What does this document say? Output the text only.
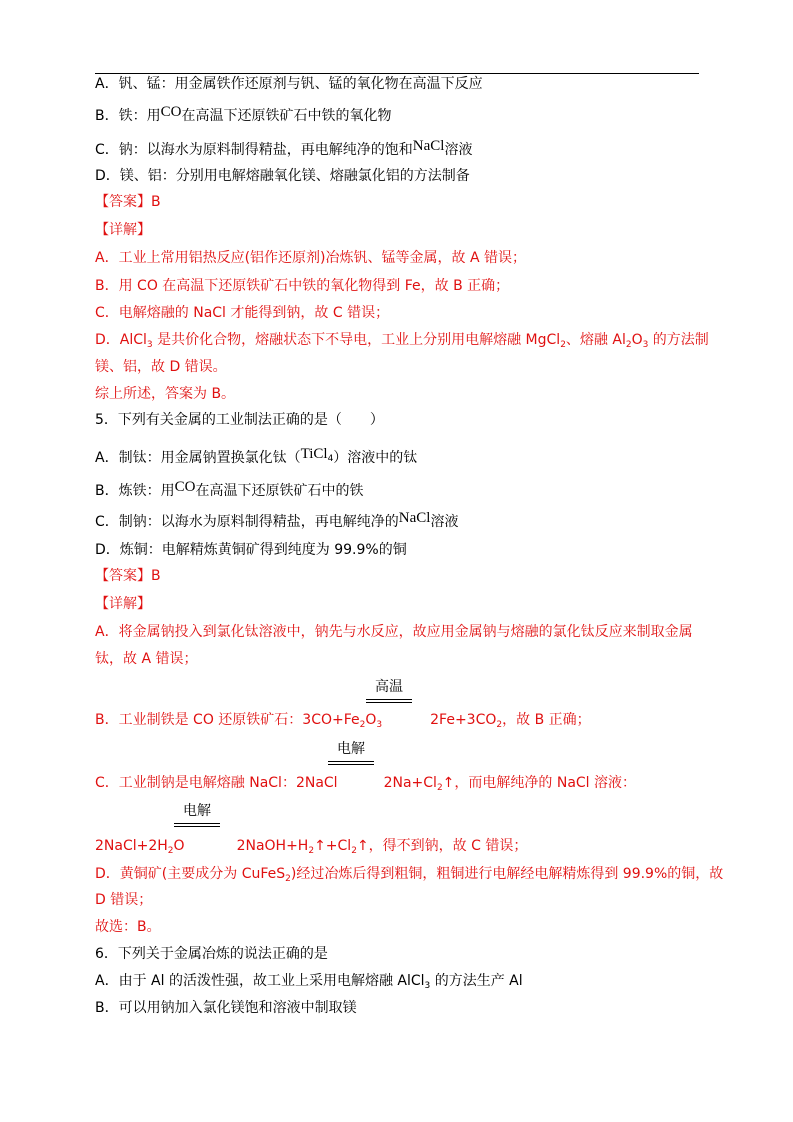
A．钒、锰：用金属铁作还原剂与钒、锰的氧化物在高温下反应
B．铁：用CO在高温下还原铁矿石中铁的氧化物
C．钠：以海水为原料制得精盐，再电解纯净的饱和NaCl溶液
D．镁、铝：分别用电解熔融氧化镁、熔融氯化铝的方法制备
【答案】B
【详解】
A．工业上常用铝热反应(铝作还原剂)冶炼钒、锰等金属，故 A 错误；
B．用 CO 在高温下还原铁矿石中铁的氧化物得到 Fe，故 B 正确；
C．电解熔融的 NaCl 才能得到钠，故 C 错误；
D．AlCl$_3$ 是共价化合物，熔融状态下不导电，工业上分别用电解熔融 MgCl$_2$、熔融 $Al_2O_3$ 的方法制
镁、铝，故 D 错误。
综上所述，答案为 B。
5．下列有关金属的工业制法正确的是（　　）
A．制钛：用金属钠置换氯化钛（TiCl4）溶液中的钛
B．炼铁：用CO在高温下还原铁矿石中的铁
C．制钠：以海水为原料制得精盐，再电解纯净的NaCl溶液
D．炼铜：电解精炼黄铜矿得到纯度为 99.9%的铜
【答案】B
【详解】
A．将金属钠投入到氯化钛溶液中，钠先与水反应，故应用金属钠与熔融的氯化钛反应来制取金属
钛，故 A 错误；
高温
B．工业制铁是 CO 还原铁矿石：$3CO+Fe_2O_3$	$2Fe+3CO_2$，故 B 正确；
电解
C．工业制钠是电解熔融 NaCl：2NaCl	$2Na+Cl_2↑$，而电解纯净的 NaCl 溶液：
电解
$2NaCl+2H_2O$	$2NaOH+H_2↑+Cl_2↑$，得不到钠，故 C 错误；
D．黄铜矿(主要成分为 CuFeS$_2$)经过冶炼后得到粗铜，粗铜进行电解经电解精炼得到 99.9%的铜，故
D 错误；
故选：B。
6．下列关于金属冶炼的说法正确的是
A．由于 Al 的活泼性强，故工业上采用电解熔融 AlCl$_3$ 的方法生产 Al
B．可以用钠加入氯化镁饱和溶液中制取镁
